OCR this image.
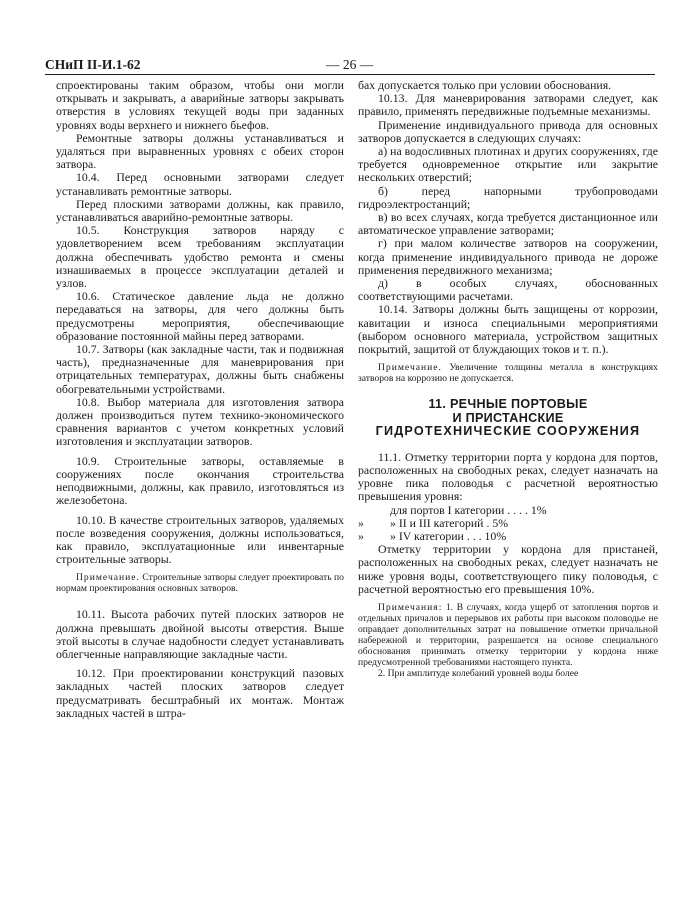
СНиП II-И.1-62	— 26 —
спроектированы таким образом, чтобы они могли открывать и закрывать, а аварийные затворы закрывать отверстия в условиях текущей воды при заданных уровнях воды верхнего и нижнего бьефов.
Ремонтные затворы должны устанавливаться и удаляться при выравненных уровнях с обеих сторон затвора.
10.4. Перед основными затворами следует устанавливать ремонтные затворы.
Перед плоскими затворами должны, как правило, устанавливаться аварийно-ремонтные затворы.
10.5. Конструкция затворов наряду с удовлетворением всем требованиям эксплуатации должна обеспечивать удобство ремонта и смены изнашиваемых в процессе эксплуатации деталей и узлов.
10.6. Статическое давление льда не должно передаваться на затворы, для чего должны быть предусмотрены мероприятия, обеспечивающие образование постоянной майны перед затворами.
10.7. Затворы (как закладные части, так и подвижная часть), предназначенные для маневрирования при отрицательных температурах, должны быть снабжены обогревательными устройствами.
10.8. Выбор материала для изготовления затвора должен производиться путем технико-экономического сравнения вариантов с учетом конкретных условий изготовления и эксплуатации затворов.
10.9. Строительные затворы, оставляемые в сооружениях после окончания строительства неподвижными, должны, как правило, изготовляться из железобетона.
10.10. В качестве строительных затворов, удаляемых после возведения сооружения, должны использоваться, как правило, эксплуатационные или инвентарные строительные затворы.
Примечание. Строительные затворы следует проектировать по нормам проектирования основных затворов.
10.11. Высота рабочих путей плоских затворов не должна превышать двойной высоты отверстия. Выше этой высоты в случае надобности следует устанавливать облегченные направляющие закладные части.
10.12. При проектировании конструкций пазовых закладных частей плоских затворов следует предусматривать бесштрабный их монтаж. Монтаж закладных частей в штра-
бах допускается только при условии обоснования.
10.13. Для маневрирования затворами следует, как правило, применять передвижные подъемные механизмы.
Применение индивидуального привода для основных затворов допускается в следующих случаях:
а) на водосливных плотинах и других сооружениях, где требуется одновременное открытие или закрытие нескольких отверстий;
б) перед напорными трубопроводами гидроэлектростанций;
в) во всех случаях, когда требуется дистанционное или автоматическое управление затворами;
г) при малом количестве затворов на сооружении, когда применение индивидуального привода не дороже применения передвижного механизма;
д) в особых случаях, обоснованных соответствующими расчетами.
10.14. Затворы должны быть защищены от коррозии, кавитации и износа специальными мероприятиями (выбором основного материала, устройством защитных покрытий, защитой от блуждающих токов и т. п.).
Примечание. Увеличение толщины металла в конструкциях затворов на коррозию не допускается.
11. РЕЧНЫЕ ПОРТОВЫЕ
И ПРИСТАНСКИЕ
ГИДРОТЕХНИЧЕСКИЕ СООРУЖЕНИЯ
11.1. Отметку территории порта у кордона для портов, расположенных на свободных реках, следует назначать на уровне пика половодья с расчетной вероятностью превышения уровня:
для портов I категории . . . . 1%
»	» II и III категорий . 5%
»	» IV категории . . . 10%
Отметку территории у кордона для пристаней, расположенных на свободных реках, следует назначать не ниже уровня воды, соответствующего пику половодья, с расчетной вероятностью его превышения 10%.
Примечания: 1. В случаях, когда ущерб от затопления портов и отдельных причалов и перерывов их работы при высоком половодье не оправдает дополнительных затрат на повышение отметки причальной набережной и территории, разрешается на основе специального обоснования принимать отметку территории у кордона ниже предусмотренной требованиями настоящего пункта.
2. При амплитуде колебаний уровней воды более
